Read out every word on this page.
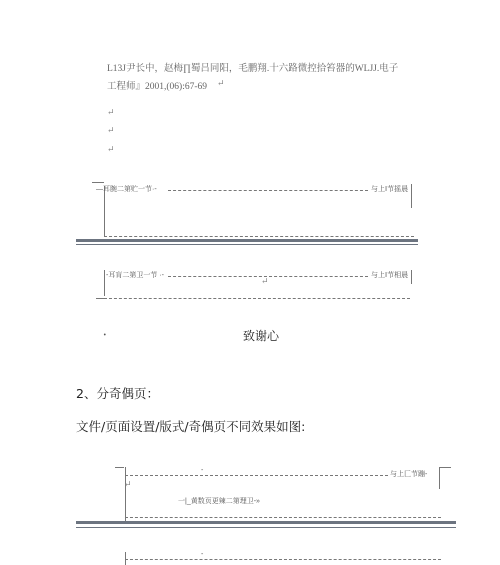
L13J尹长中，赵梅∏蜀吕同阳，毛鹏翔.十六路微控拾笞器的WLJJ.电子
工程师』2001,(06):67-69 ↵
↵
↵
↵
—耳腕二第贮一节·-	与上Ⅰ节摇晨
-耳肓二第卫一节 ·-	与上Ⅰ节相晨
↵
•	致谢心
2、分奇偶页：
文件/页面设置/版式/奇偶页不同效果如图:
-
与上匚节蹦-
↵
一|_黄数页更辣二第理卫-»
-
